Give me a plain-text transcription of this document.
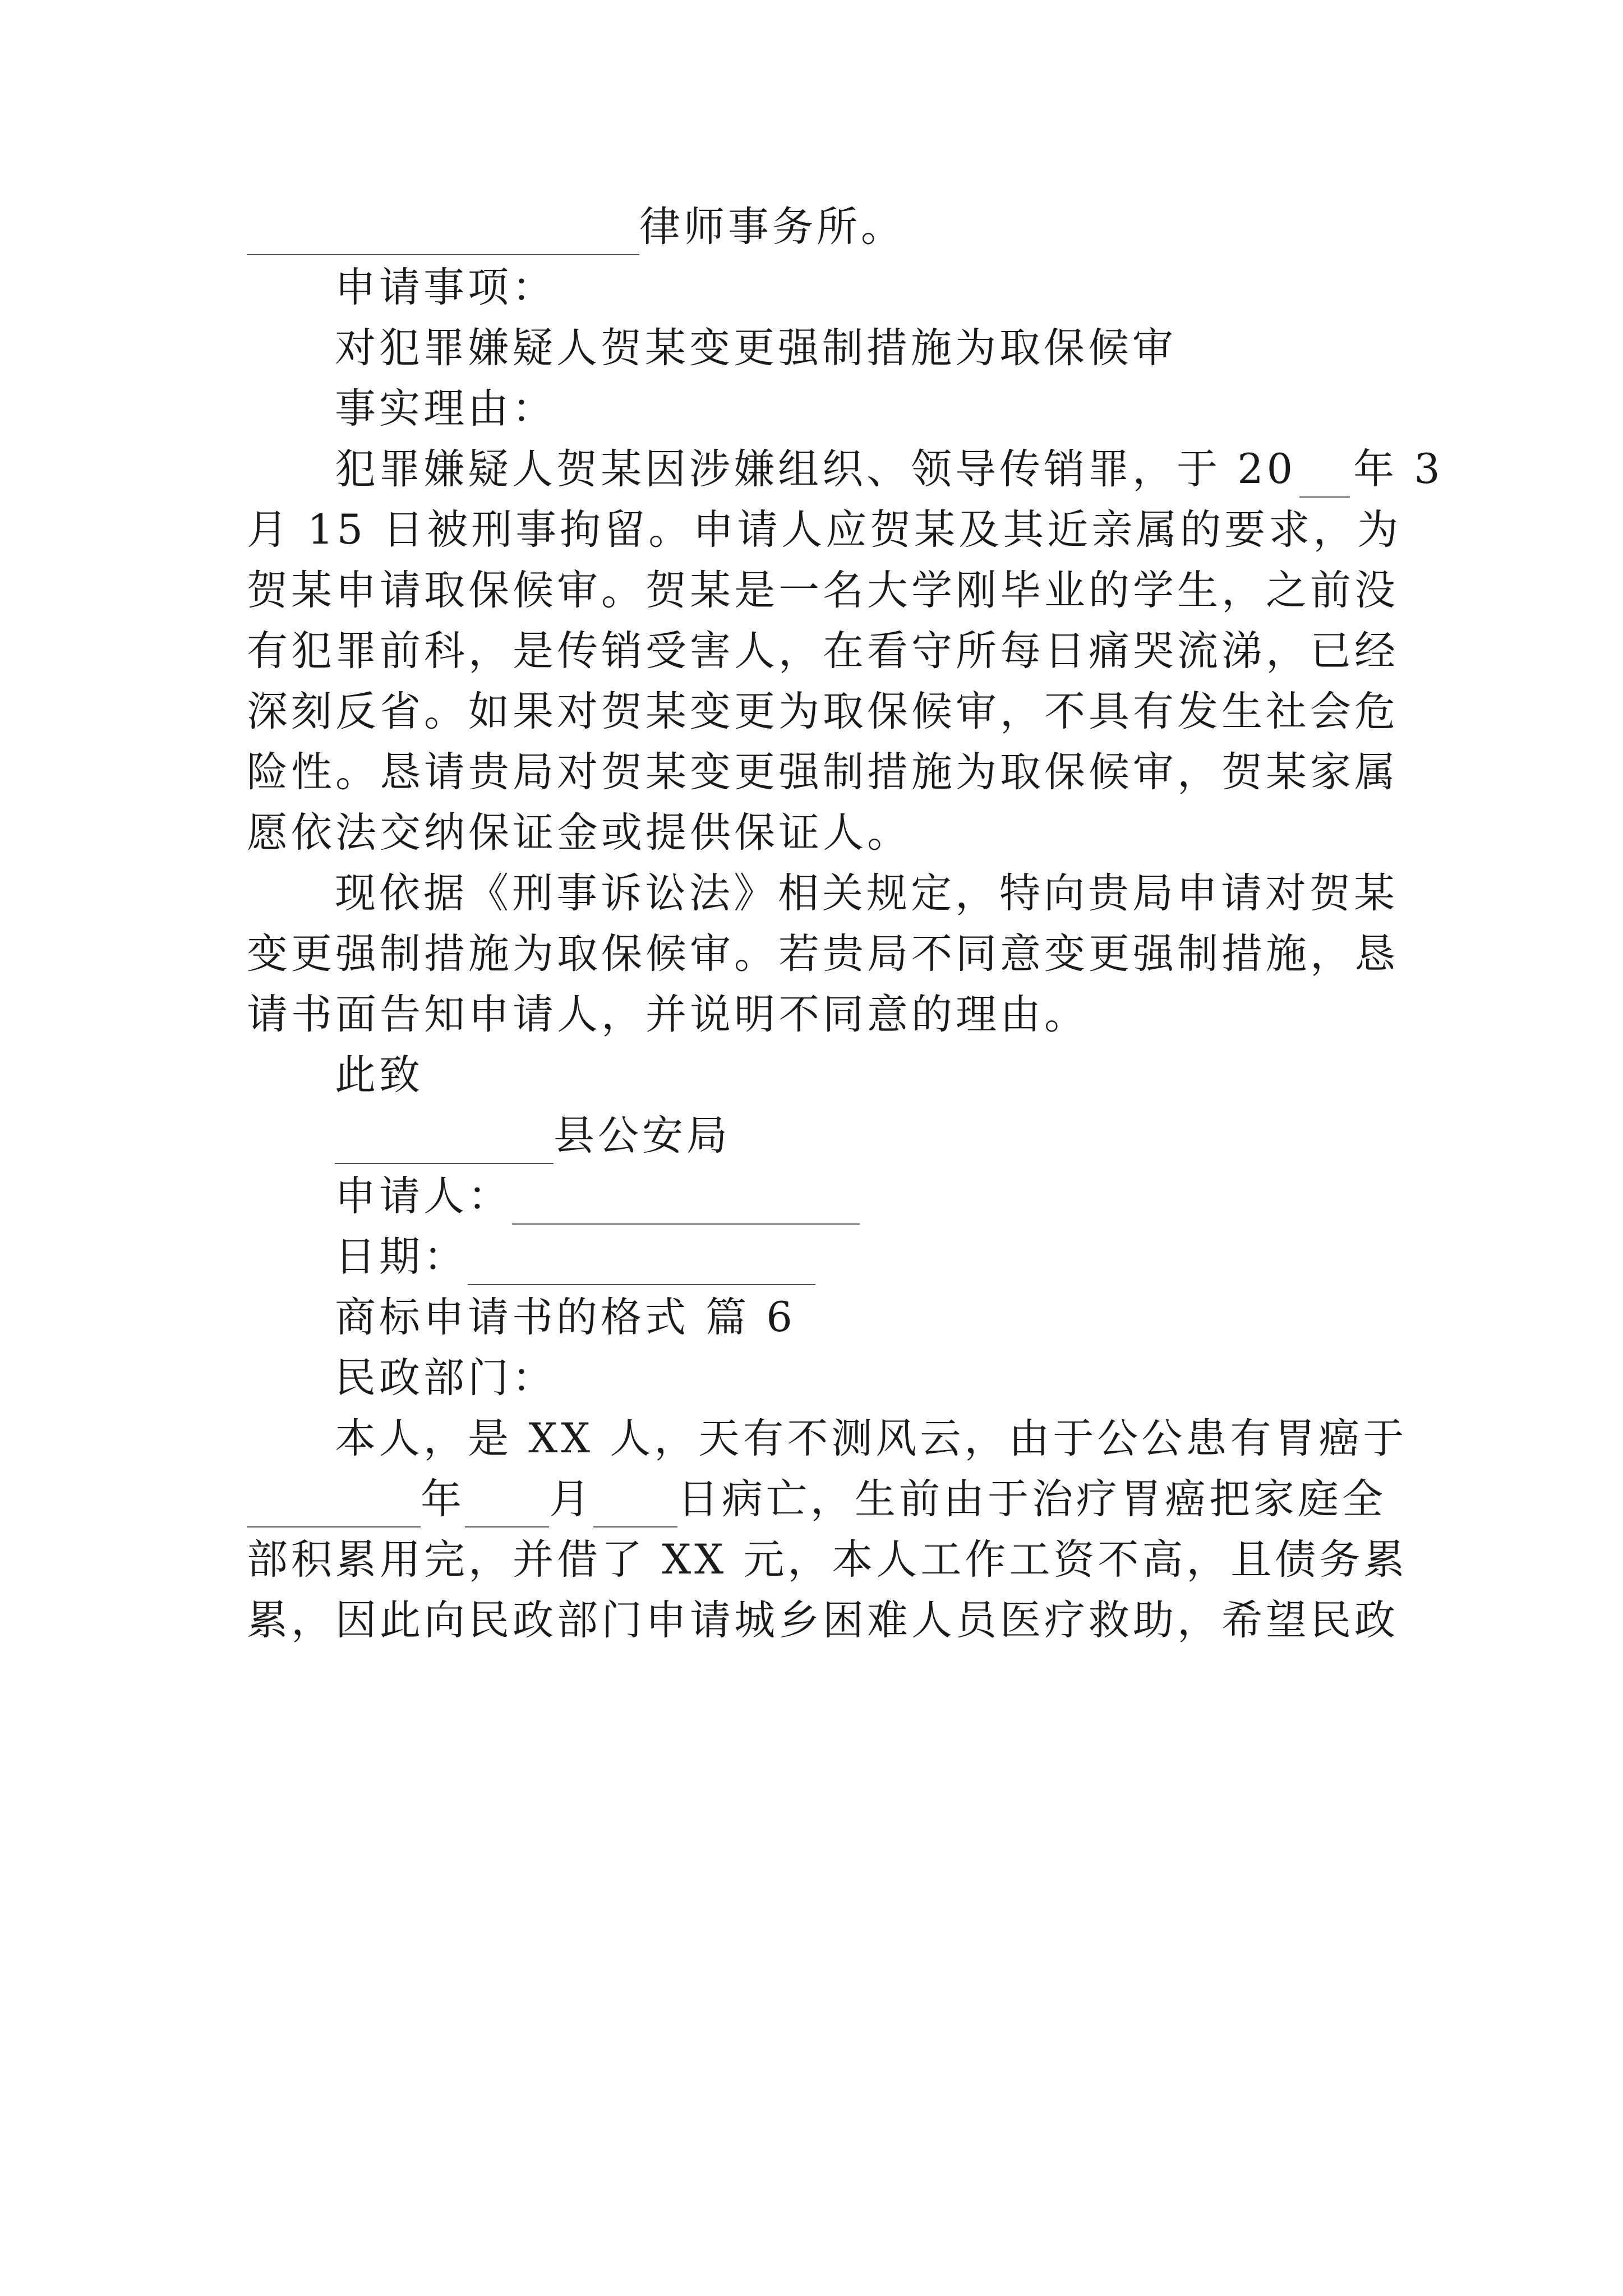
律师事务所。
申请事项：
对犯罪嫌疑人贺某变更强制措施为取保候审
事实理由：
犯罪嫌疑人贺某因涉嫌组织、领导传销罪，于 20 年 3
月 15 日被刑事拘留。申请人应贺某及其近亲属的要求，为
贺某申请取保候审。贺某是一名大学刚毕业的学生，之前没
有犯罪前科，是传销受害人，在看守所每日痛哭流涕，已经
深刻反省。如果对贺某变更为取保候审，不具有发生社会危
险性。恳请贵局对贺某变更强制措施为取保候审，贺某家属
愿依法交纳保证金或提供保证人。
现依据《刑事诉讼法》相关规定，特向贵局申请对贺某
变更强制措施为取保候审。若贵局不同意变更强制措施，恳
请书面告知申请人，并说明不同意的理由。
此致
县公安局
申请人：
日期：
商标申请书的格式 篇 6
民政部门：
本人，是 XX 人，天有不测风云，由于公公患有胃癌于
年 月 日病亡，生前由于治疗胃癌把家庭全
部积累用完，并借了 XX 元，本人工作工资不高，且债务累
累，因此向民政部门申请城乡困难人员医疗救助，希望民政
